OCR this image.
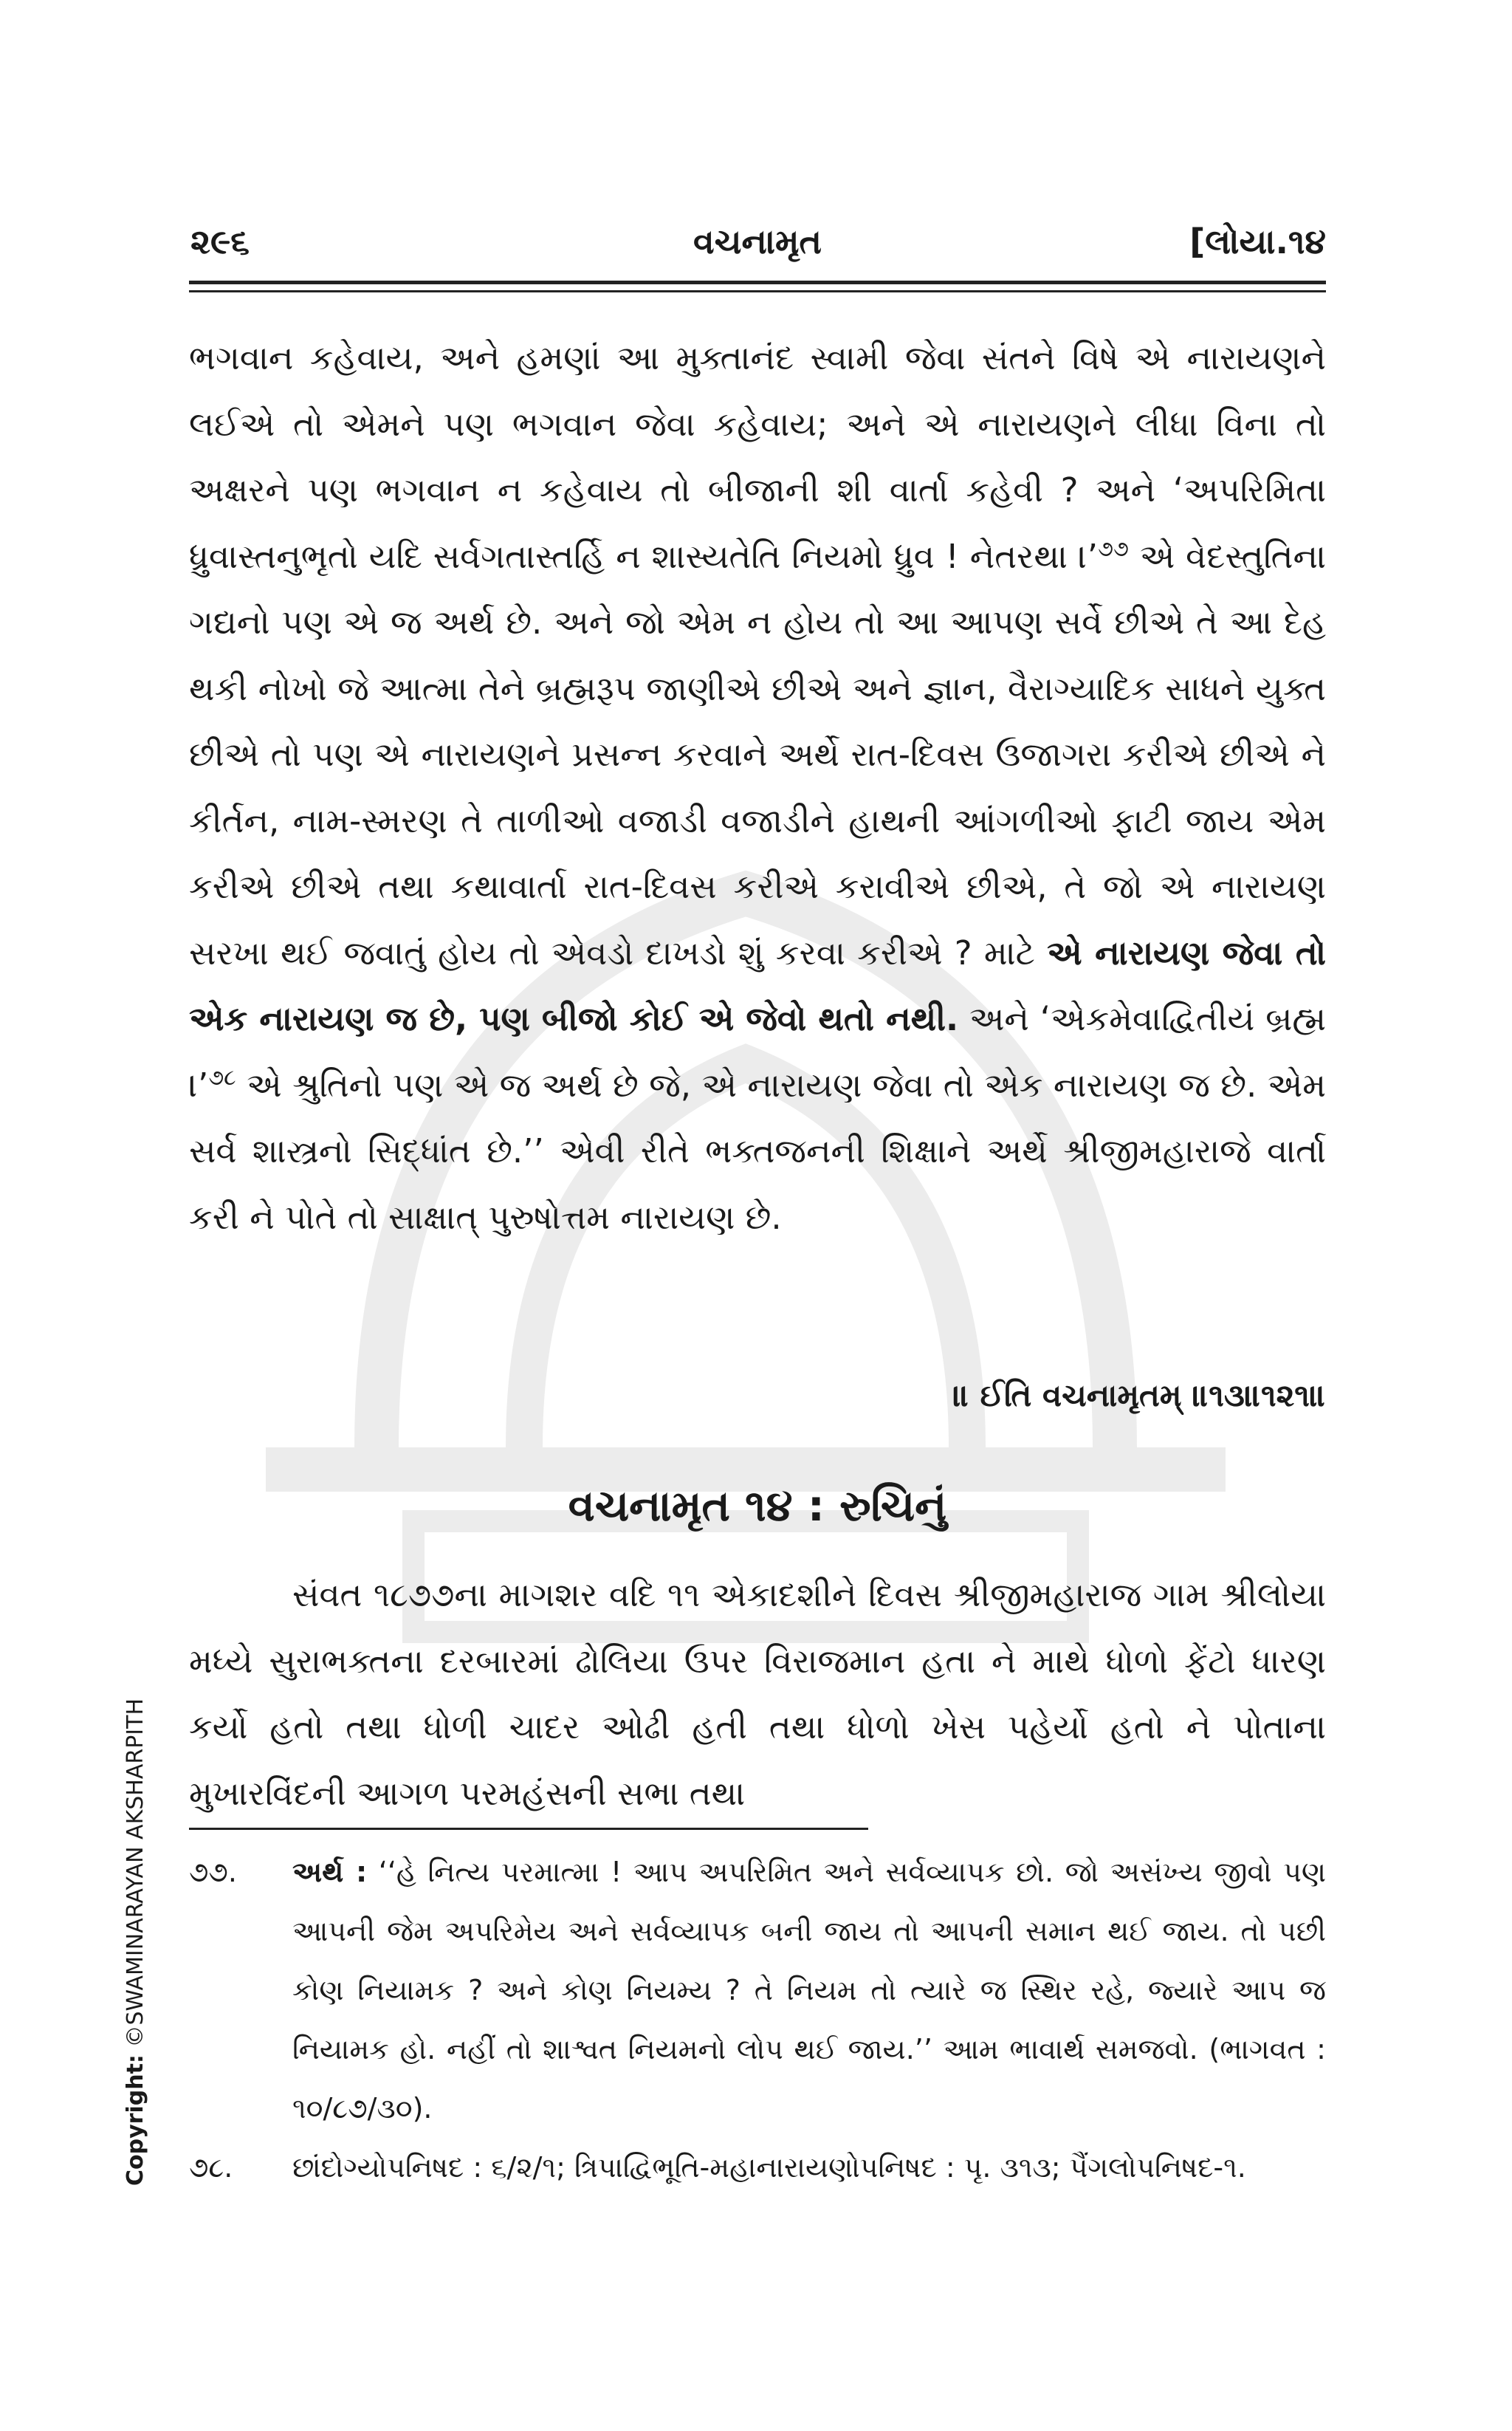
૨૯૬	વચનામૃત	[લોયા.૧૪

ભગવાન કહેવાય, અને હમણાં આ મુક્તાનંદ સ્વામી જેવા સંતને વિષે એ નારાયણને લઈએ તો એમને પણ ભગવાન જેવા કહેવાય; અને એ નારાયણને લીધા વિના તો અક્ષરને પણ ભગવાન ન કહેવાય તો બીજાની શી વાર્તા કહેવી ? અને ‘અપરિમિતા ધ્રુવાસ્તનુભૃતો યદિ સર્વગતાસ્તર્હિ ન શાસ્યતેતિ નિયમો ધ્રુવ ! નેતરથા ।’$^{૭૭}$ એ વેદસ્તુતિના ગદ્યનો પણ એ જ અર્થ છે. અને જો એમ ન હોય તો આ આપણ સર્વે છીએ તે આ દેહ થકી નોખો જે આત્મા તેને બ્રહ્મરૂપ જાણીએ છીએ અને જ્ઞાન, વૈરાગ્યાદિક સાધને યુક્ત છીએ તો પણ એ નારાયણને પ્રસન્ન કરવાને અર્થે રાત-દિવસ ઉજાગરા કરીએ છીએ ને કીર્તન, નામ-સ્મરણ તે તાળીઓ વજાડી વજાડીને હાથની આંગળીઓ ફાટી જાય એમ કરીએ છીએ તથા કથાવાર્તા રાત-દિવસ કરીએ કરાવીએ છીએ, તે જો એ નારાયણ સરખા થઈ જવાતું હોય તો એવડો દાખડો શું કરવા કરીએ ? માટે એ નારાયણ જેવા તો એક નારાયણ જ છે, પણ બીજો કોઈ એ જેવો થતો નથી. અને ‘એકમેવાદ્વિતીયં બ્રહ્મ ।’$^{૭૮}$ એ શ્રુતિનો પણ એ જ અર્થ છે જે, એ નારાયણ જેવા તો એક નારાયણ જ છે. એમ સર્વ શાસ્ત્રનો સિદ્ધાંત છે.’’ એવી રીતે ભક્તજનની શિક્ષાને અર્થે શ્રીજીમહારાજે વાર્તા કરી ને પોતે તો સાક્ષાત્ પુરુષોત્તમ નારાયણ છે.

॥ ઈતિ વચનામૃતમ્ ॥૧૩॥૧૨૧॥
વચનામૃત ૧૪ : રુચિનું

સંવત ૧૮૭૭ના માગશર વદિ ૧૧ એકાદશીને દિવસ શ્રીજીમહારાજ ગામ શ્રીલોયા મધ્યે સુરાભક્તના દરબારમાં ઢોલિયા ઉપર વિરાજમાન હતા ને માથે ધોળો ફેંટો ધારણ કર્યો હતો તથા ધોળી ચાદર ઓઢી હતી તથા ધોળો ખેસ પહેર્યો હતો ને પોતાના મુખારવિંદની આગળ પરમહંસની સભા તથા

૭૭.	અર્થ : ‘‘હે નિત્ય પરમાત્મા ! આપ અપરિમિત અને સર્વવ્યાપક છો. જો અસંખ્ય જીવો પણ આપની જેમ અપરિમેય અને સર્વવ્યાપક બની જાય તો આપની સમાન થઈ જાય. તો પછી કોણ નિયામક ? અને કોણ નિયમ્ય ? તે નિયમ તો ત્યારે જ સ્થિર રહે, જ્યારે આપ જ નિયામક હો. નહીં તો શાશ્વત નિયમનો લોપ થઈ જાય.’’ આમ ભાવાર્થ સમજવો. (ભાગવત : ૧૦/૮૭/૩૦).
૭૮.	છાંદોગ્યોપનિષદ : ૬/૨/૧; ત્રિપાદ્વિભૂતિ-મહાનારાયણોપનિષદ : પૃ. ૩૧૩; પૈંગલોપનિષદ-૧.
Copyright: ©SWAMINARAYAN AKSHARPITH
